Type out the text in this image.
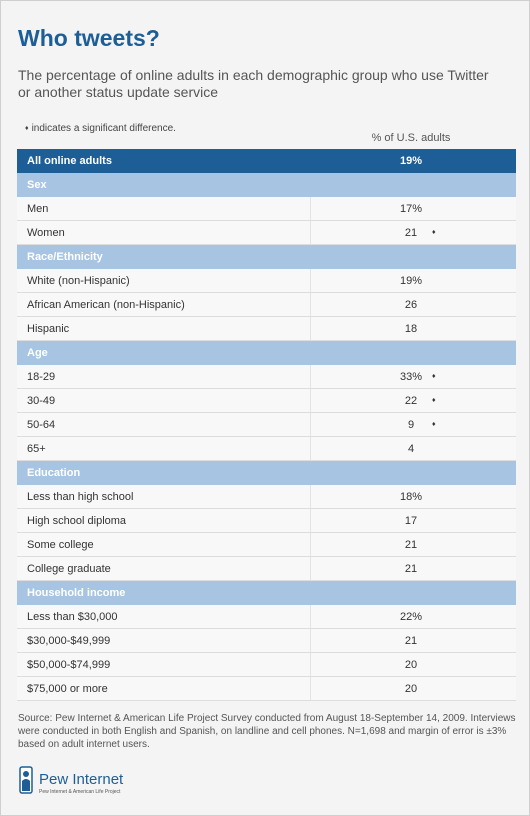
Who tweets?
The percentage of online adults in each demographic group who use Twitter or another status update service
♦ indicates a significant difference.
% of U.S. adults
All online adults	19%
Sex
Men	17%
Women	21	♦
Race/Ethnicity
White (non-Hispanic)	19%
African American (non-Hispanic)	26
Hispanic	18
Age
18-29	33%	♦
30-49	22	♦
50-64	9	♦
65+	4
Education
Less than high school	18%
High school diploma	17
Some college	21
College graduate	21
Household income
Less than $30,000	22%
$30,000-$49,999	21
$50,000-$74,999	20
$75,000 or more	20
Source: Pew Internet & American Life Project Survey conducted from August 18-September 14, 2009. Interviews were conducted in both English and Spanish, on landline and cell phones. N=1,698 and margin of error is ±3% based on adult internet users.
Pew Internet
Pew Internet & American Life Project
